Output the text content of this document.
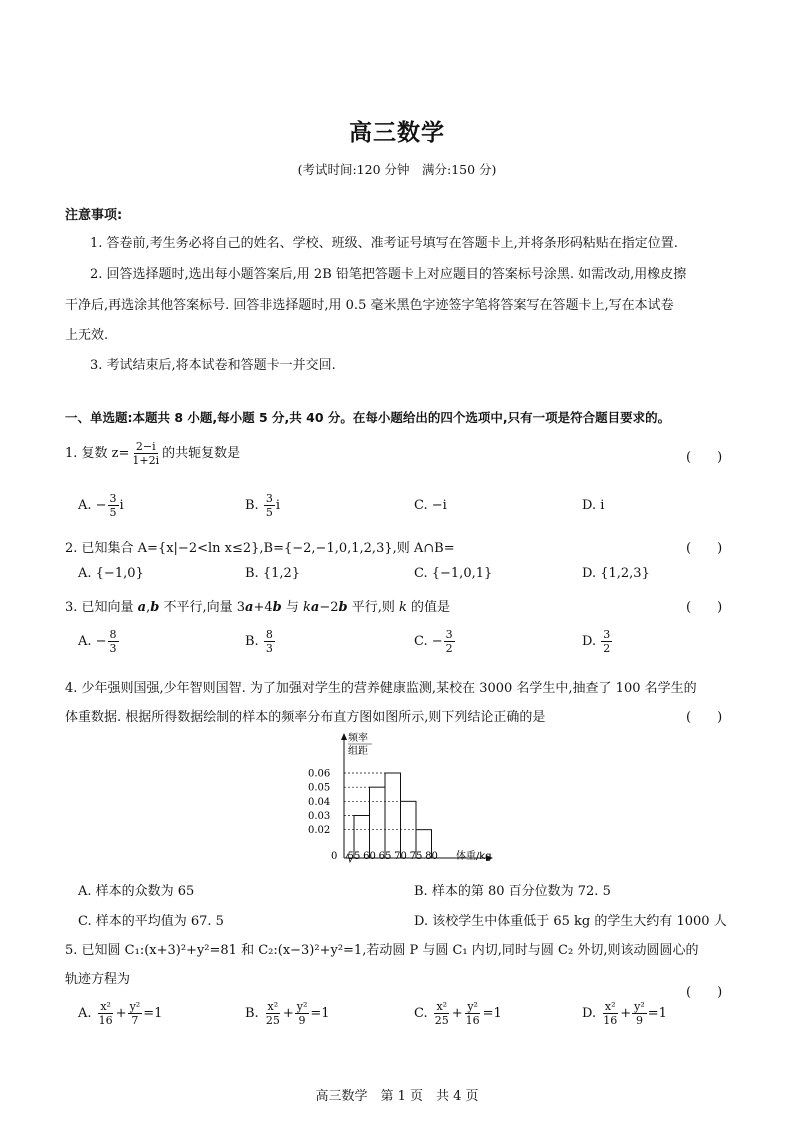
高三数学
(考试时间:120 分钟　满分:150 分)
注意事项:
1. 答卷前,考生务必将自己的姓名、学校、班级、准考证号填写在答题卡上,并将条形码粘贴在指定位置.
2. 回答选择题时,选出每小题答案后,用 2B 铅笔把答题卡上对应题目的答案标号涂黑. 如需改动,用橡皮擦
干净后,再选涂其他答案标号. 回答非选择题时,用 0.5 毫米黑色字迹签字笔将答案写在答题卡上,写在本试卷
上无效.
3. 考试结束后,将本试卷和答题卡一并交回.
一、单选题:本题共 8 小题,每小题 5 分,共 40 分。在每小题给出的四个选项中,只有一项是符合题目要求的。
1. 复数 $z= \frac{2-i}{1+2i}$ 的共轭复数是	(　　)
A. − $\frac{3}{5}$ i	B. $\frac{3}{5}$ i	C. −i	D. i
2. 已知集合 A={x|−2<ln x≤2},B={−2,−1,0,1,2,3},则 A∩B=	(　　)
A. {−1,0}	B. {1,2}	C. {−1,0,1}	D. {1,2,3}
3. 已知向量 a,b 不平行,向量 3a+4b 与 ka−2b 平行,则 k 的值是	(　　)
A. − $\frac{8}{3}$	B. $\frac{8}{3}$	C. − $\frac{3}{2}$	D. $\frac{3}{2}$
4. 少年强则国强,少年智则国智. 为了加强对学生的营养健康监测,某校在 3000 名学生中,抽查了 100 名学生的
体重数据. 根据所得数据绘制的样本的频率分布直方图如图所示,则下列结论正确的是	(　　)
频率
组距
0	体重/kg
0.06
0.05
0.04
0.03
0.02
55 60 65 70 75 80
A. 样本的众数为 65	B. 样本的第 80 百分位数为 72. 5
C. 样本的平均值为 67. 5	D. 该校学生中体重低于 65 kg 的学生大约有 1000 人
5. 已知圆 C₁:(x+3)²+y²=81 和 C₂:(x−3)²+y²=1,若动圆 P 与圆 C₁ 内切,同时与圆 C₂ 外切,则该动圆圆心的
轨迹方程为
(　　)
A. $\frac{\text{x²}}{16} + \frac{\text{y²}}{7} =1$	B. $\frac{\text{x²}}{25} + \frac{\text{y²}}{9} =1$	C. $\frac{\text{x²}}{25} + \frac{\text{y²}}{16} =1$	D. $\frac{\text{x²}}{16} + \frac{\text{y²}}{9} =1$
高三数学　第 1 页　共 4 页
